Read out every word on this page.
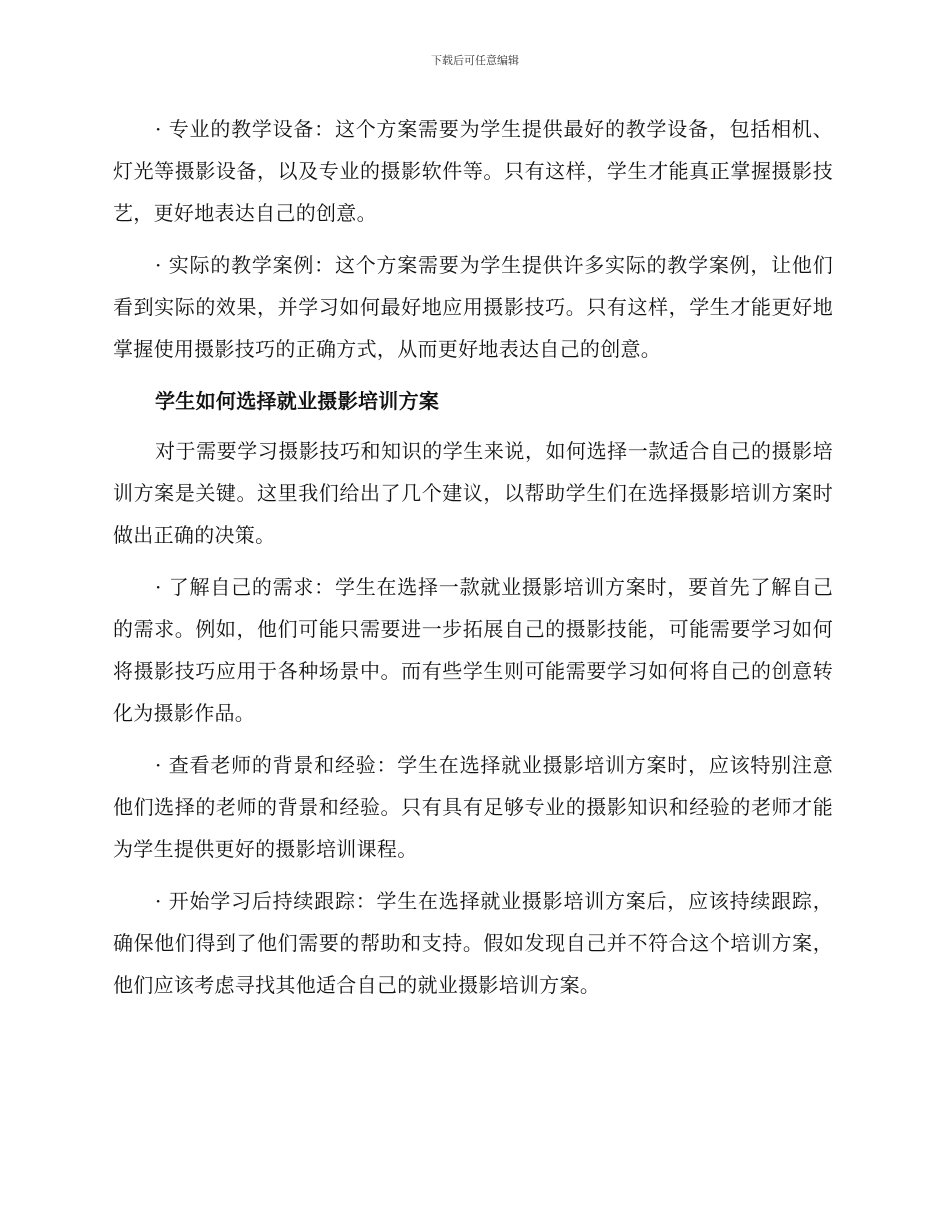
下载后可任意编辑

· 专业的教学设备：这个方案需要为学生提供最好的教学设备，包括相机、灯光等摄影设备，以及专业的摄影软件等。只有这样，学生才能真正掌握摄影技艺，更好地表达自己的创意。

· 实际的教学案例：这个方案需要为学生提供许多实际的教学案例，让他们看到实际的效果，并学习如何最好地应用摄影技巧。只有这样，学生才能更好地掌握使用摄影技巧的正确方式，从而更好地表达自己的创意。

学生如何选择就业摄影培训方案

对于需要学习摄影技巧和知识的学生来说，如何选择一款适合自己的摄影培训方案是关键。这里我们给出了几个建议，以帮助学生们在选择摄影培训方案时做出正确的决策。

· 了解自己的需求：学生在选择一款就业摄影培训方案时，要首先了解自己的需求。例如，他们可能只需要进一步拓展自己的摄影技能，可能需要学习如何将摄影技巧应用于各种场景中。而有些学生则可能需要学习如何将自己的创意转化为摄影作品。

· 查看老师的背景和经验：学生在选择就业摄影培训方案时，应该特别注意他们选择的老师的背景和经验。只有具有足够专业的摄影知识和经验的老师才能为学生提供更好的摄影培训课程。

· 开始学习后持续跟踪：学生在选择就业摄影培训方案后，应该持续跟踪，确保他们得到了他们需要的帮助和支持。假如发现自己并不符合这个培训方案，他们应该考虑寻找其他适合自己的就业摄影培训方案。
